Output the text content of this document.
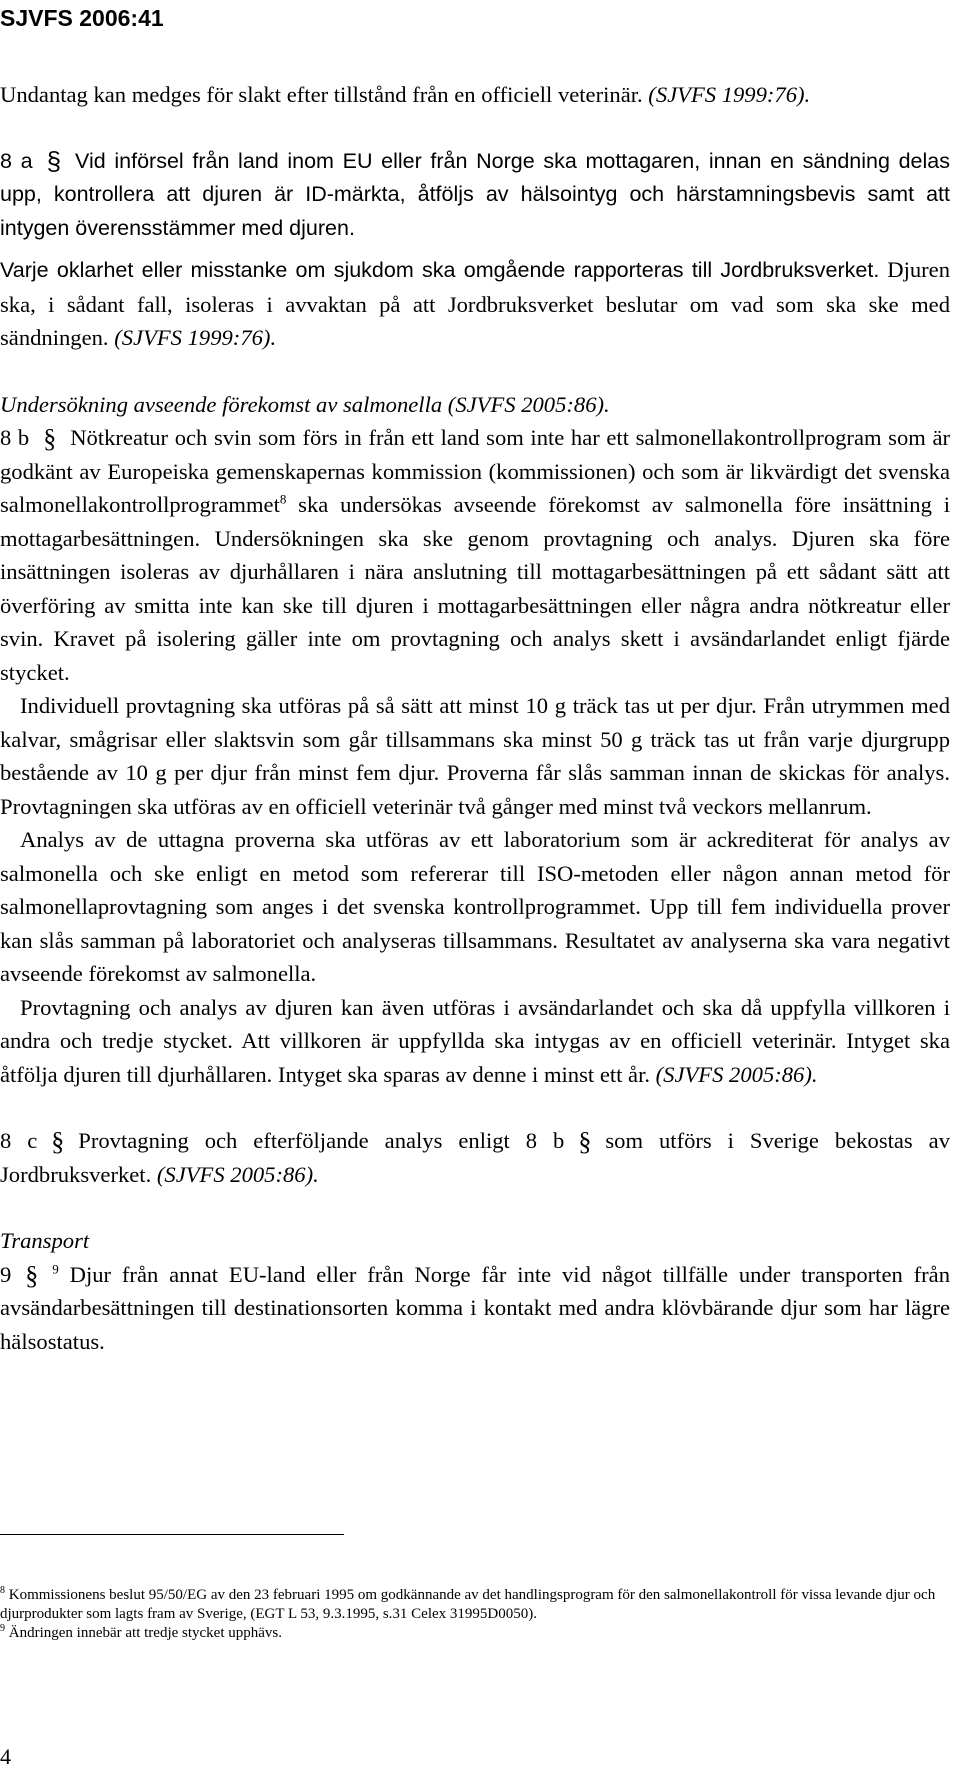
SJVFS 2006:41

Undantag kan medges för slakt efter tillstånd från en officiell veterinär. (SJVFS 1999:76).

8 a § Vid införsel från land inom EU eller från Norge ska mottagaren, innan en sändning delas upp, kontrollera att djuren är ID-märkta, åtföljs av hälsointyg och härstamningsbevis samt att intygen överensstämmer med djuren.

Varje oklarhet eller misstanke om sjukdom ska omgående rapporteras till Jordbruksverket. Djuren ska, i sådant fall, isoleras i avvaktan på att Jordbruksverket beslutar om vad som ska ske med sändningen. (SJVFS 1999:76).

Undersökning avseende förekomst av salmonella (SJVFS 2005:86).

8 b § Nötkreatur och svin som förs in från ett land som inte har ett salmonellakontrollprogram som är godkänt av Europeiska gemenskapernas kommission (kommissionen) och som är likvärdigt det svenska salmonellakontrollprogrammet$^8$ ska undersökas avseende förekomst av salmonella före insättning i mottagarbesättningen. Undersökningen ska ske genom provtagning och analys. Djuren ska före insättningen isoleras av djurhållaren i nära anslutning till mottagarbesättningen på ett sådant sätt att överföring av smitta inte kan ske till djuren i mottagarbesättningen eller några andra nötkreatur eller svin. Kravet på isolering gäller inte om provtagning och analys skett i avsändarlandet enligt fjärde stycket.

Individuell provtagning ska utföras på så sätt att minst 10 g träck tas ut per djur. Från utrymmen med kalvar, smågrisar eller slaktsvin som går tillsammans ska minst 50 g träck tas ut från varje djurgrupp bestående av 10 g per djur från minst fem djur. Proverna får slås samman innan de skickas för analys. Provtagningen ska utföras av en officiell veterinär två gånger med minst två veckors mellanrum.

Analys av de uttagna proverna ska utföras av ett laboratorium som är ackrediterat för analys av salmonella och ske enligt en metod som refererar till ISO-metoden eller någon annan metod för salmonellaprovtagning som anges i det svenska kontrollprogrammet. Upp till fem individuella prover kan slås samman på laboratoriet och analyseras tillsammans. Resultatet av analyserna ska vara negativt avseende förekomst av salmonella.

Provtagning och analys av djuren kan även utföras i avsändarlandet och ska då uppfylla villkoren i andra och tredje stycket. Att villkoren är uppfyllda ska intygas av en officiell veterinär. Intyget ska åtfölja djuren till djurhållaren. Intyget ska sparas av denne i minst ett år. (SJVFS 2005:86).

8 c § Provtagning och efterföljande analys enligt 8 b § som utförs i Sverige bekostas av Jordbruksverket. (SJVFS 2005:86).

Transport

9 § $^9$ Djur från annat EU-land eller från Norge får inte vid något tillfälle under transporten från avsändarbesättningen till destinationsorten komma i kontakt med andra klövbärande djur som har lägre hälsostatus.

$^8$ Kommissionens beslut 95/50/EG av den 23 februari 1995 om godkännande av det handlingsprogram för den salmonellakontroll för vissa levande djur och djurprodukter som lagts fram av Sverige, (EGT L 53, 9.3.1995, s.31 Celex 31995D0050).

$^9$ Ändringen innebär att tredje stycket upphävs.

4
